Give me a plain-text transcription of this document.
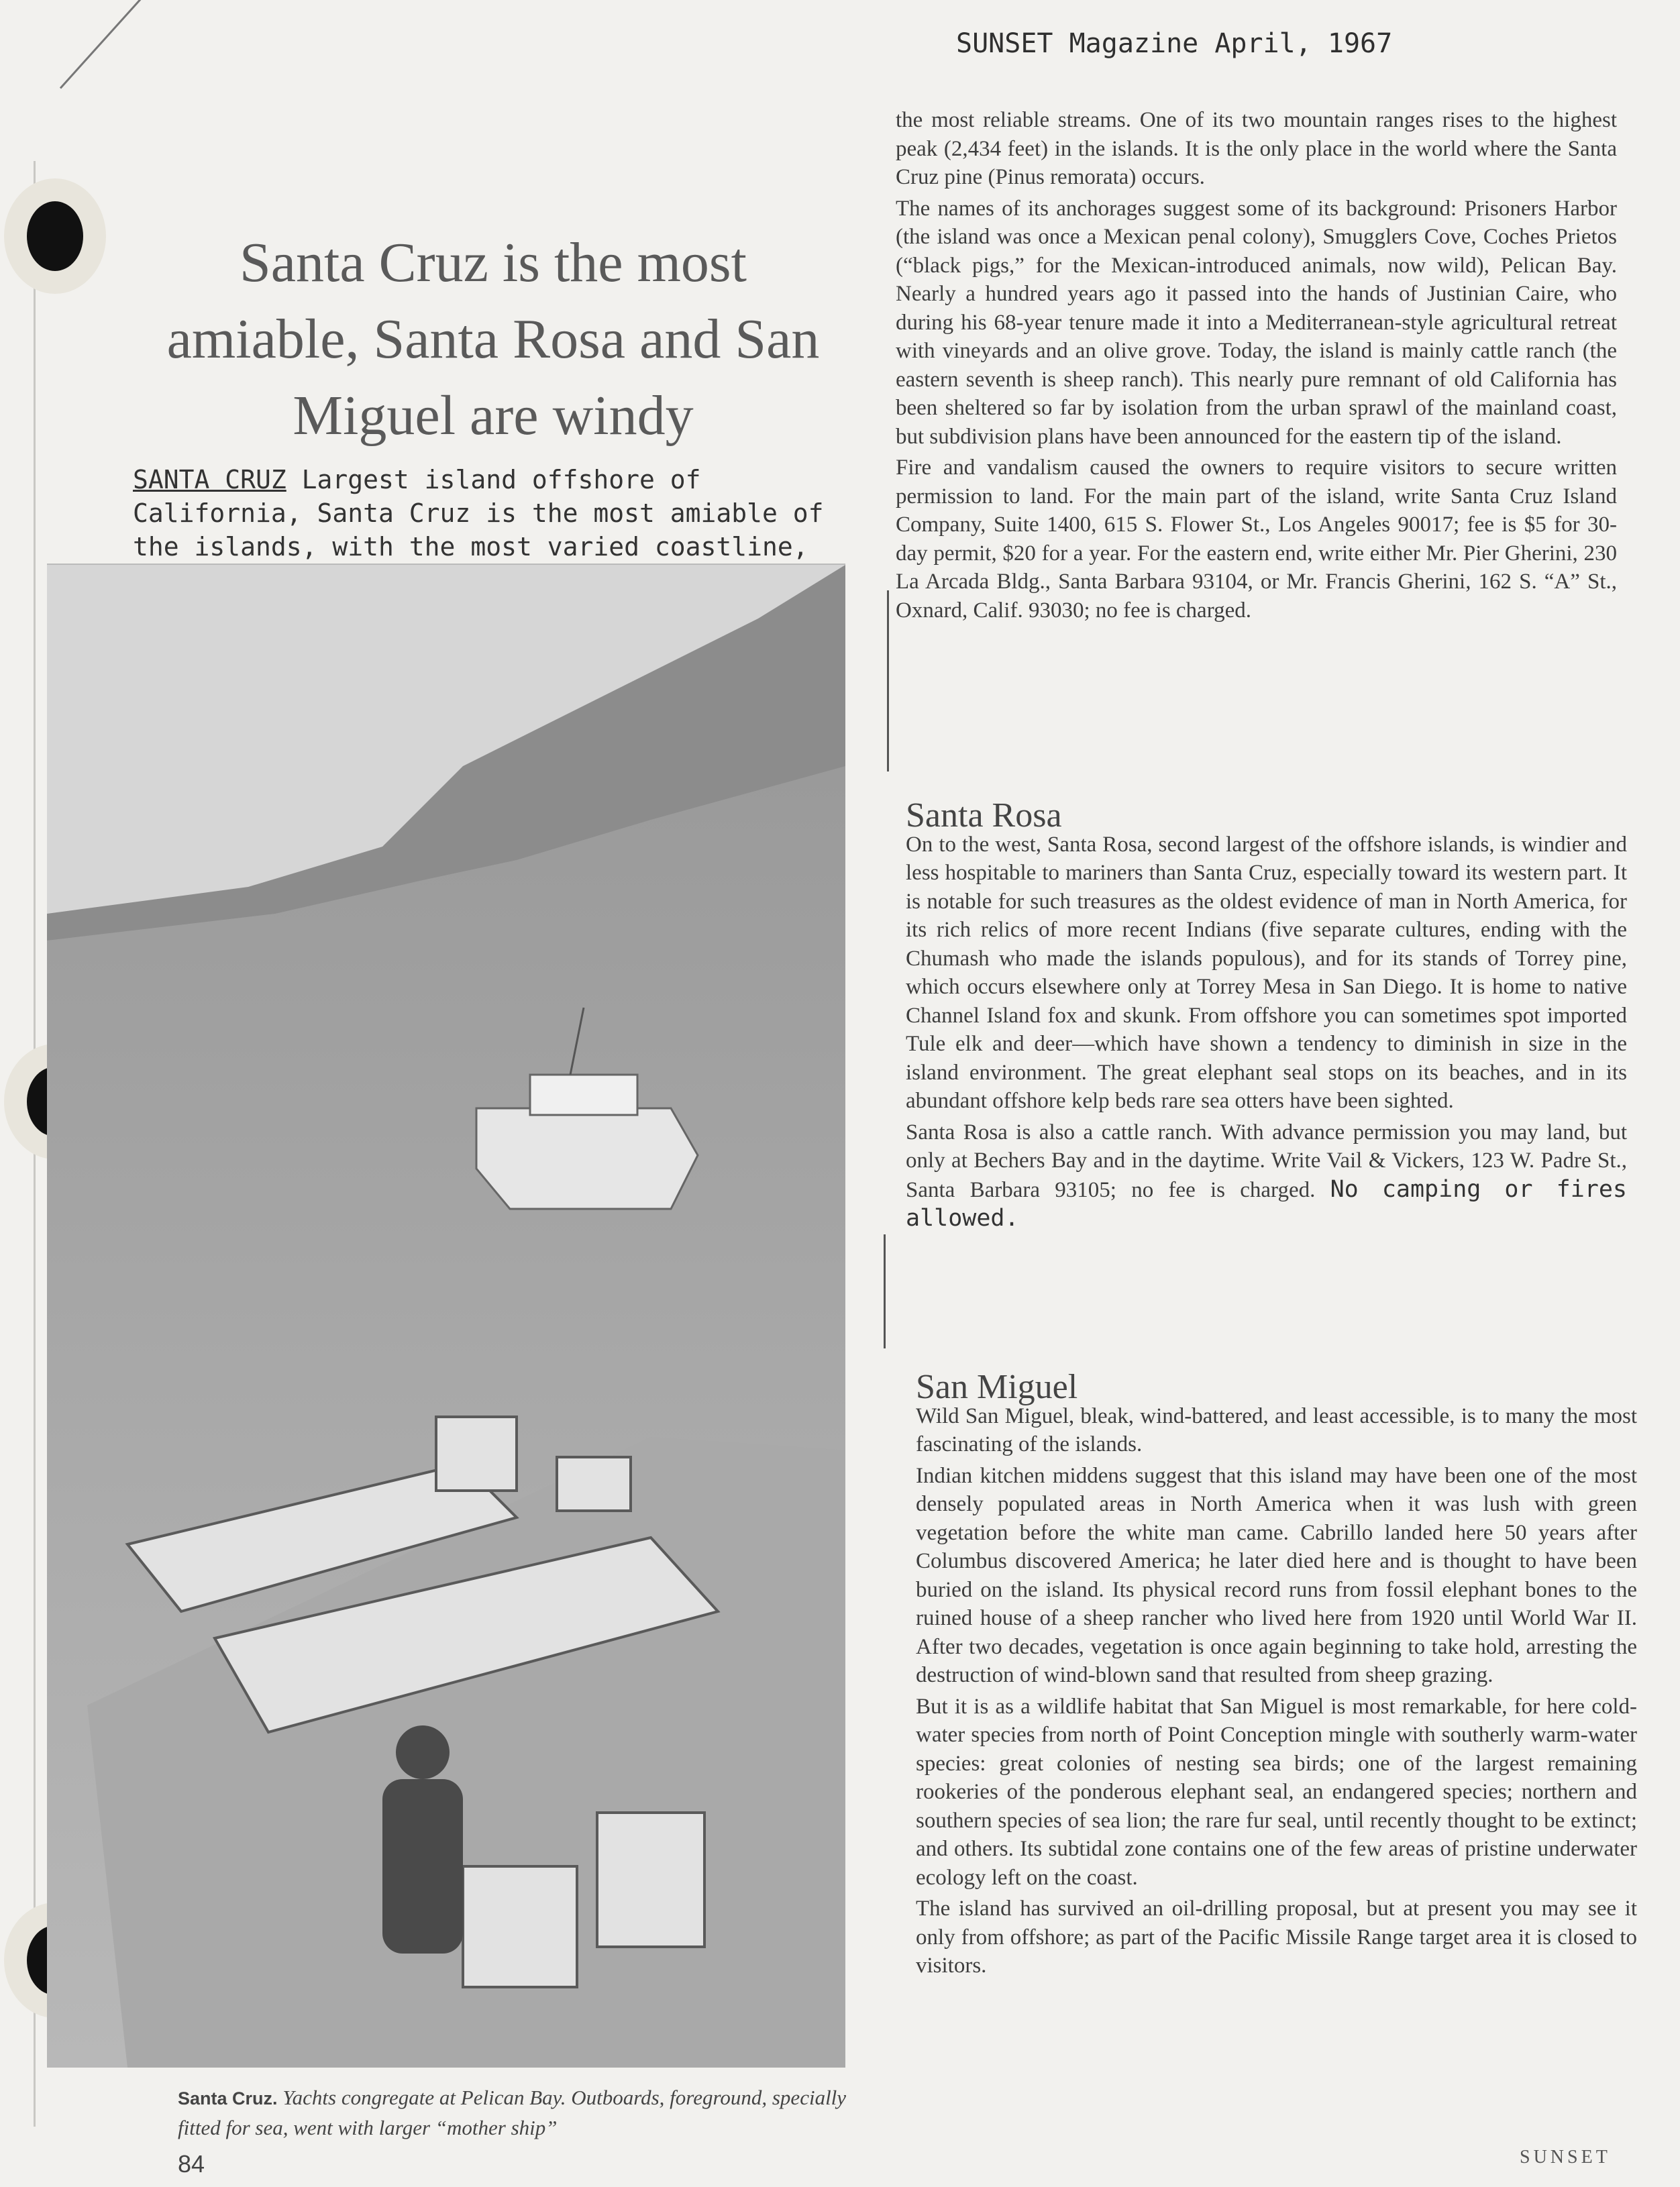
SUNSET Magazine April, 1967
Santa Cruz is the most amiable, Santa Rosa and San Miguel are windy
SANTA CRUZ Largest island offshore of California, Santa Cruz is the most amiable of the islands, with the most varied coastline,
Santa Cruz. Yachts congregate at Pelican Bay. Outboards, foreground, specially fitted for sea, went with larger “mother ship”
84

the most reliable streams. One of its two mountain ranges rises to the highest peak (2,434 feet) in the islands. It is the only place in the world where the Santa Cruz pine (Pinus remorata) occurs.

The names of its anchorages suggest some of its background: Prisoners Harbor (the island was once a Mexican penal colony), Smugglers Cove, Coches Prietos (“black pigs,” for the Mexican-introduced animals, now wild), Pelican Bay. Nearly a hundred years ago it passed into the hands of Justinian Caire, who during his 68-year tenure made it into a Mediterranean-style agricultural retreat with vineyards and an olive grove. Today, the island is mainly cattle ranch (the eastern seventh is sheep ranch). This nearly pure remnant of old California has been sheltered so far by isolation from the urban sprawl of the mainland coast, but subdivision plans have been announced for the eastern tip of the island.

Fire and vandalism caused the owners to require visitors to secure written permission to land. For the main part of the island, write Santa Cruz Island Company, Suite 1400, 615 S. Flower St., Los Angeles 90017; fee is $5 for 30-day permit, $20 for a year. For the eastern end, write either Mr. Pier Gherini, 230 La Arcada Bldg., Santa Barbara 93104, or Mr. Francis Gherini, 162 S. “A” St., Oxnard, Calif. 93030; no fee is charged.

Santa Rosa

On to the west, Santa Rosa, second largest of the offshore islands, is windier and less hospitable to mariners than Santa Cruz, especially toward its western part. It is notable for such treasures as the oldest evidence of man in North America, for its rich relics of more recent Indians (five separate cultures, ending with the Chumash who made the islands populous), and for its stands of Torrey pine, which occurs elsewhere only at Torrey Mesa in San Diego. It is home to native Channel Island fox and skunk. From offshore you can sometimes spot imported Tule elk and deer—which have shown a tendency to diminish in size in the island environment. The great elephant seal stops on its beaches, and in its abundant offshore kelp beds rare sea otters have been sighted.

Santa Rosa is also a cattle ranch. With advance permission you may land, but only at Bechers Bay and in the daytime. Write Vail & Vickers, 123 W. Padre St., Santa Barbara 93105; no fee is charged. No camping or fires allowed.

San Miguel

Wild San Miguel, bleak, wind-battered, and least accessible, is to many the most fascinating of the islands.

Indian kitchen middens suggest that this island may have been one of the most densely populated areas in North America when it was lush with green vegetation before the white man came. Cabrillo landed here 50 years after Columbus discovered America; he later died here and is thought to have been buried on the island. Its physical record runs from fossil elephant bones to the ruined house of a sheep rancher who lived here from 1920 until World War II. After two decades, vegetation is once again beginning to take hold, arresting the destruction of wind-blown sand that resulted from sheep grazing.

But it is as a wildlife habitat that San Miguel is most remarkable, for here cold-water species from north of Point Conception mingle with southerly warm-water species: great colonies of nesting sea birds; one of the largest remaining rookeries of the ponderous elephant seal, an endangered species; northern and southern species of sea lion; the rare fur seal, until recently thought to be extinct; and others. Its subtidal zone contains one of the few areas of pristine underwater ecology left on the coast.

The island has survived an oil-drilling proposal, but at present you may see it only from offshore; as part of the Pacific Missile Range target area it is closed to visitors.

SUNSET
